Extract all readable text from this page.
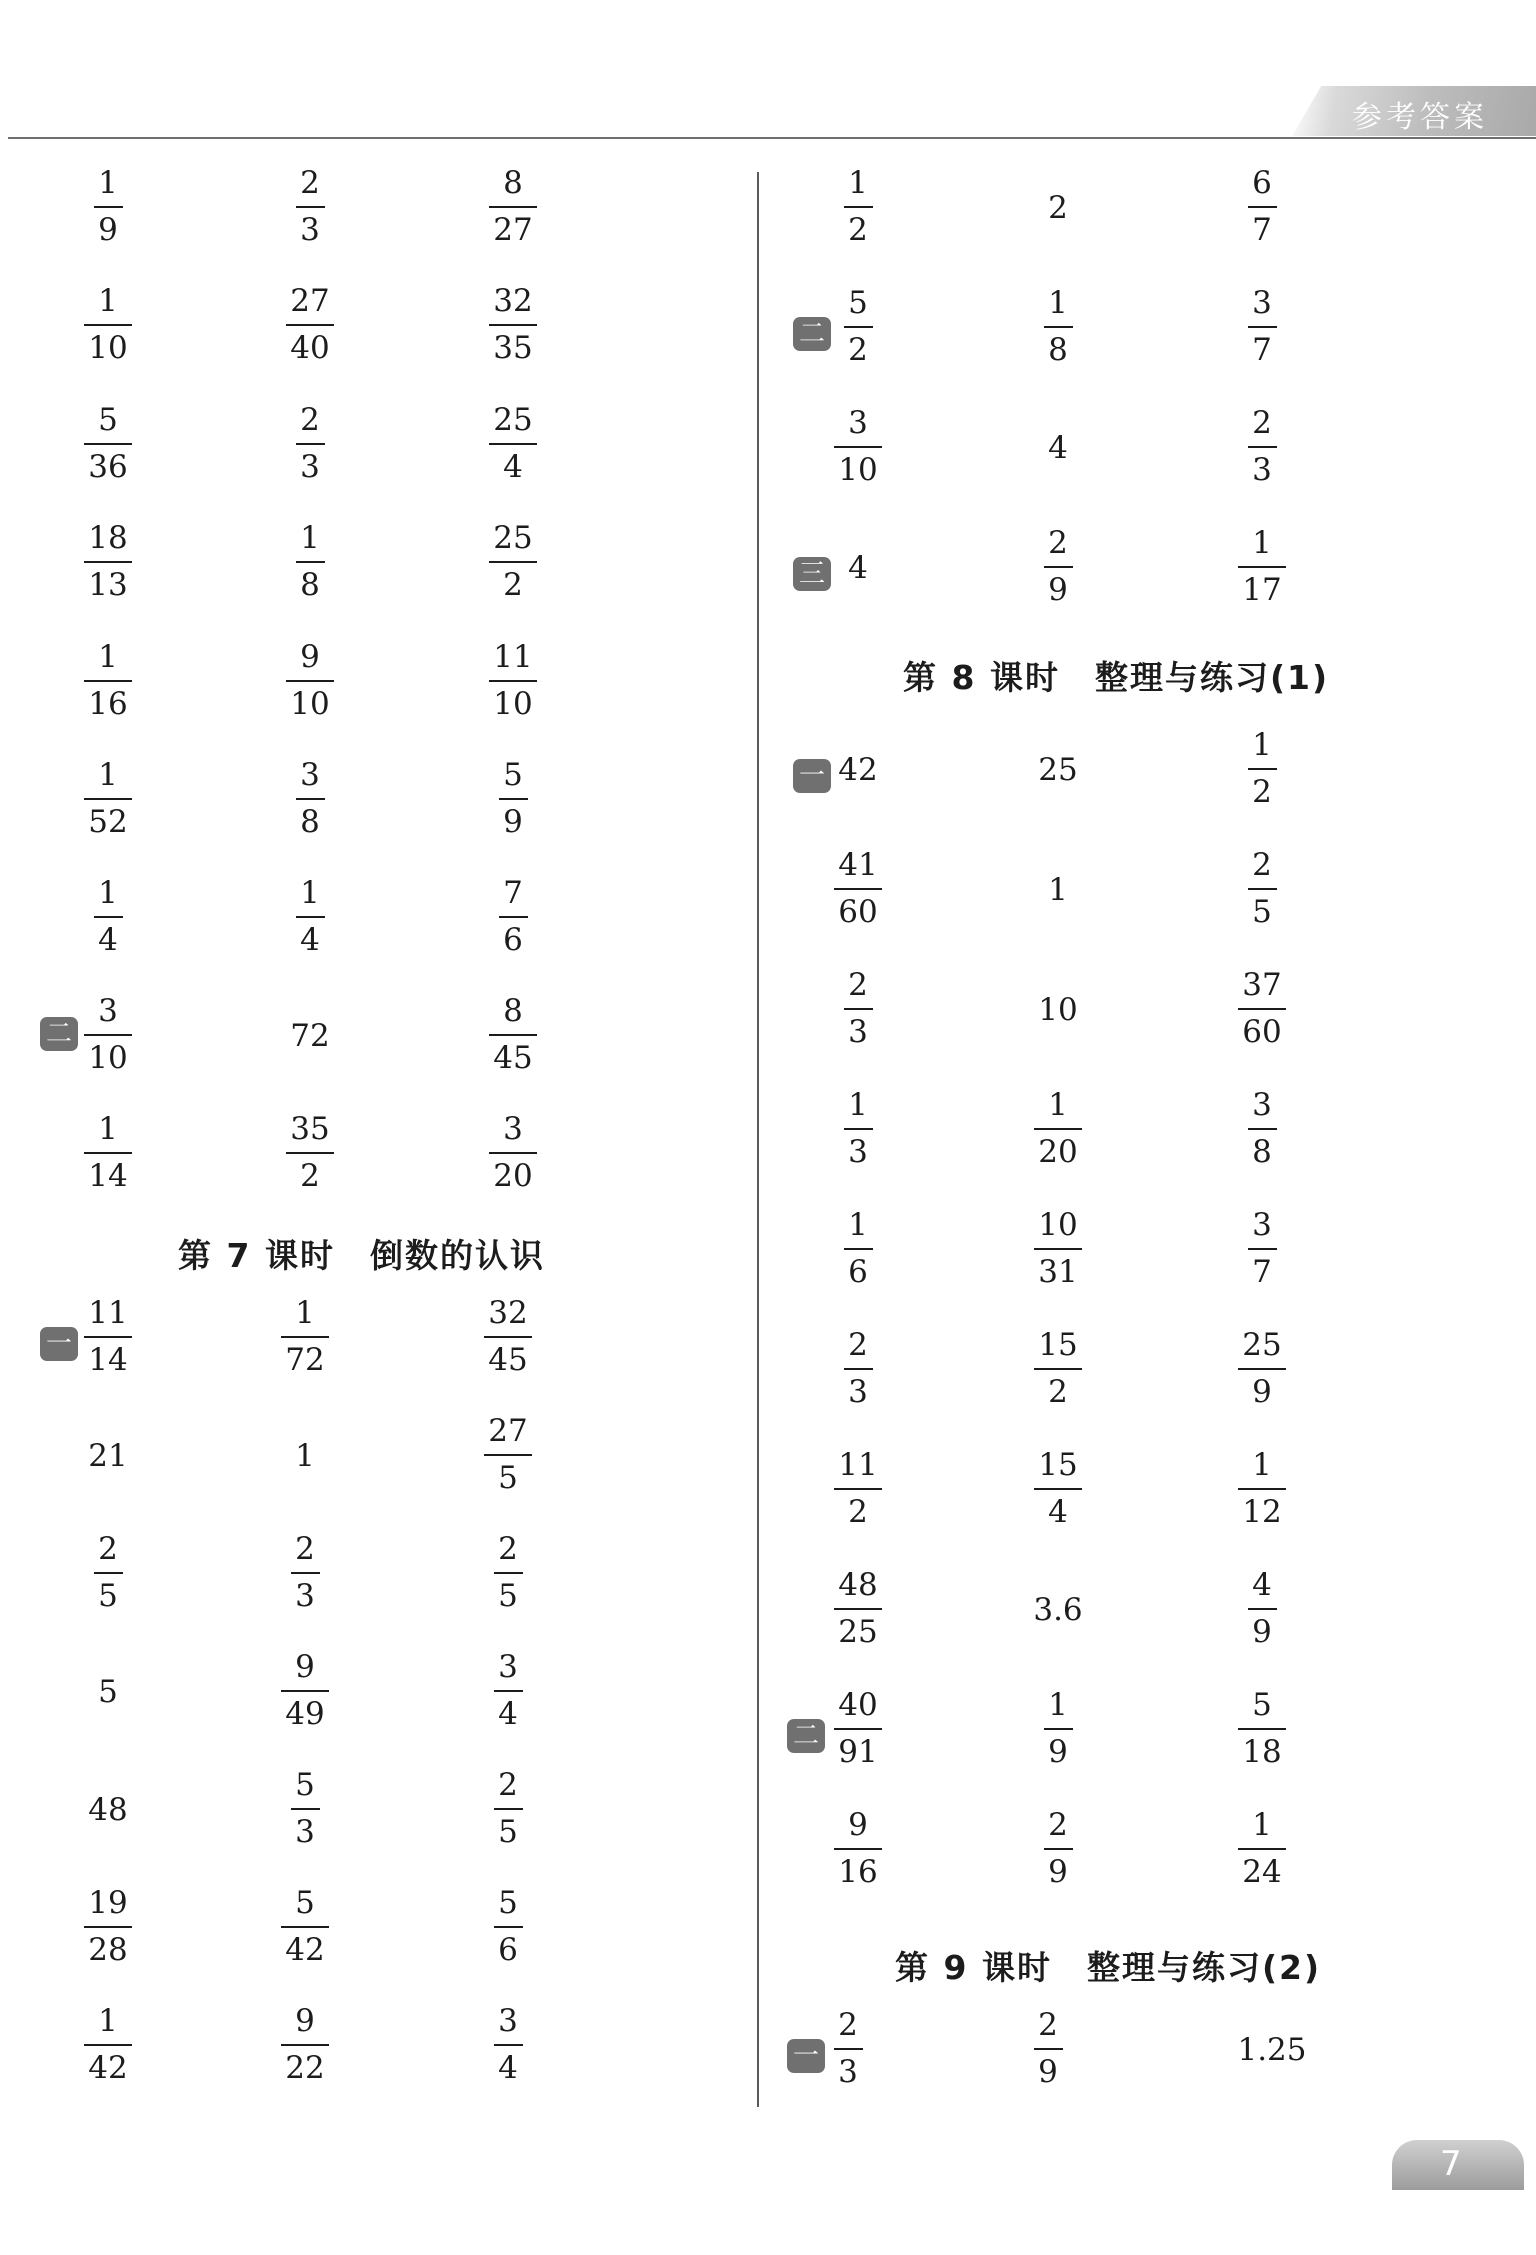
参考答案
第 7 课时　倒数的认识
第 8 课时　整理与练习(1)
第 9 课时　整理与练习(2)
1
9
2
3
8
27
1
10
27
40
32
35
5
36
2
3
25
4
18
13
1
8
25
2
1
16
9
10
11
10
1
52
3
8
5
9
1
4
1
4
7
6
3
10
72
8
45
1
14
35
2
3
20
11
14
1
72
32
45
21	1
27
5
2
5
2
3
2
5
5
9
49
3
4
48
5
3
2
5
19
28
5
42
5
6
1
42
9
22
3
4
1
2
2
6
7
5
2
1
8
3
7
3
10
4
2
3
4
2
9
1
17
42	25
1
2
41
60
1
2
5
2
3
10
37
60
1
3
1
20
3
8
1
6
10
31
3
7
2
3
15
2
25
9
11
2
15
4
1
12
48
25
3.6
4
9
40
91
1
9
5
18
9
16
2
9
1
24
2
3
2
9
1.25
二
一
二
三
一
二
一
7
